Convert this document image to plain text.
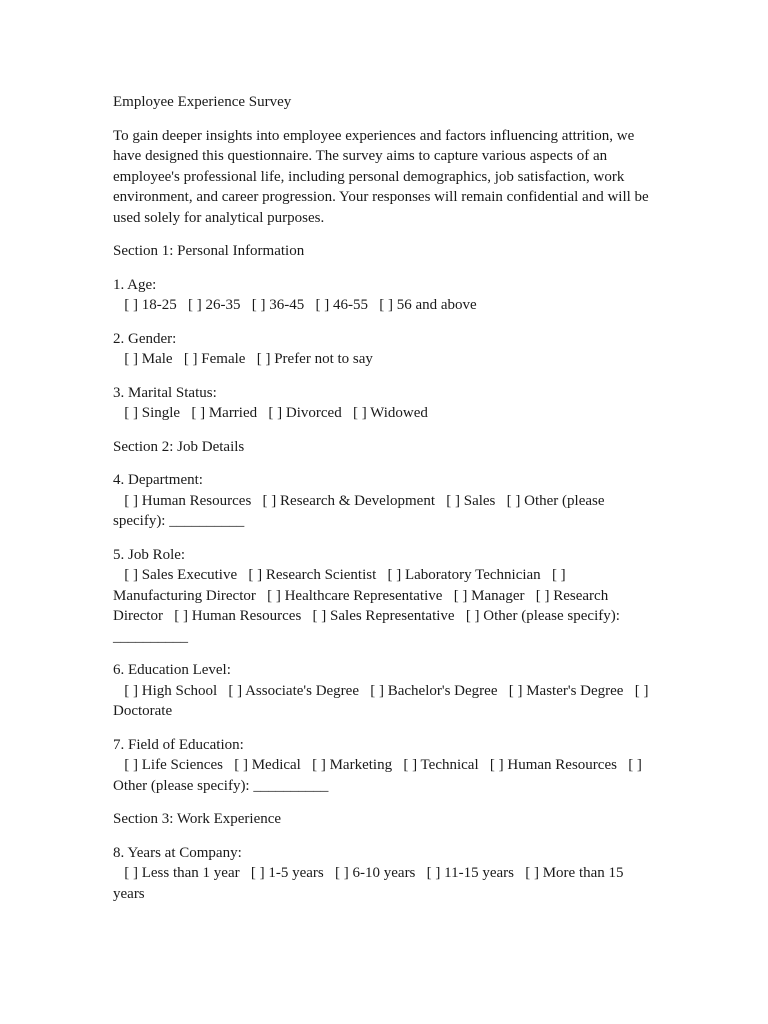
Employee Experience Survey

To gain deeper insights into employee experiences and factors influencing attrition, we have designed this questionnaire. The survey aims to capture various aspects of an employee's professional life, including personal demographics, job satisfaction, work environment, and career progression. Your responses will remain confidential and will be used solely for analytical purposes.

Section 1: Personal Information

1. Age:
[ ] 18-25 [ ] 26-35 [ ] 36-45 [ ] 46-55 [ ] 56 and above

2. Gender:
[ ] Male [ ] Female [ ] Prefer not to say

3. Marital Status:
[ ] Single [ ] Married [ ] Divorced [ ] Widowed

Section 2: Job Details

4. Department:
[ ] Human Resources [ ] Research & Development [ ] Sales [ ] Other (please specify): __________

5. Job Role:
[ ] Sales Executive [ ] Research Scientist [ ] Laboratory Technician [ ] Manufacturing Director [ ] Healthcare Representative [ ] Manager [ ] Research Director [ ] Human Resources [ ] Sales Representative [ ] Other (please specify): __________

6. Education Level:
[ ] High School [ ] Associate's Degree [ ] Bachelor's Degree [ ] Master's Degree [ ] Doctorate

7. Field of Education:
[ ] Life Sciences [ ] Medical [ ] Marketing [ ] Technical [ ] Human Resources [ ] Other (please specify): __________

Section 3: Work Experience

8. Years at Company:
[ ] Less than 1 year [ ] 1-5 years [ ] 6-10 years [ ] 11-15 years [ ] More than 15 years
